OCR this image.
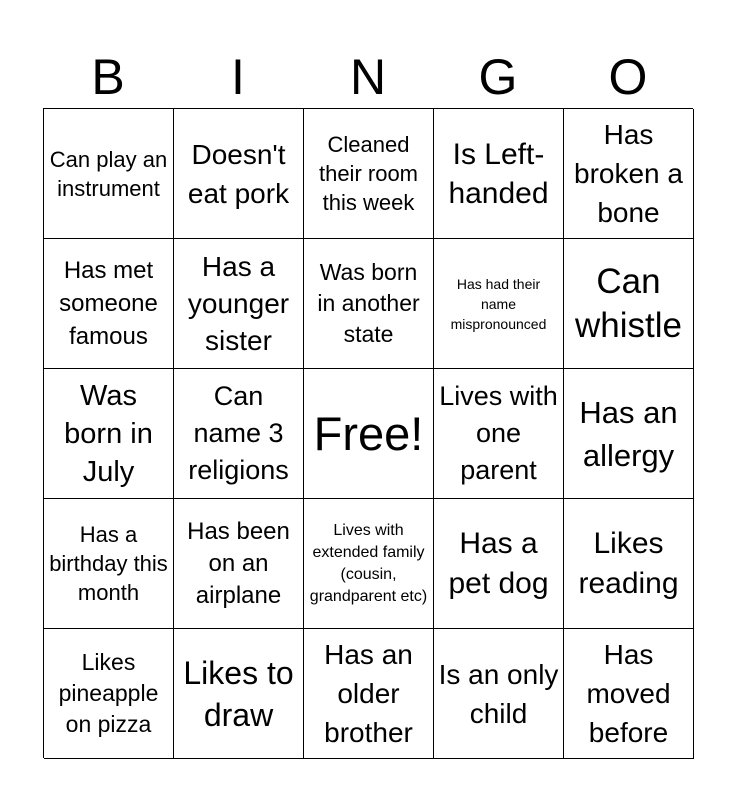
B	I	N	G	O
Can play an instrument
Doesn't eat pork
Cleaned their room this week
Is Left-handed
Has broken a bone
Has met someone famous
Has a younger sister
Was born in another state
Has had their name mispronounced
Can whistle
Was born in July
Can name 3 religions
Free!
Lives with one parent
Has an allergy
Has a birthday this month
Has been on an airplane
Lives with extended family (cousin, grandparent etc)
Has a pet dog
Likes reading
Likes pineapple on pizza
Likes to draw
Has an older brother
Is an only child
Has moved before
